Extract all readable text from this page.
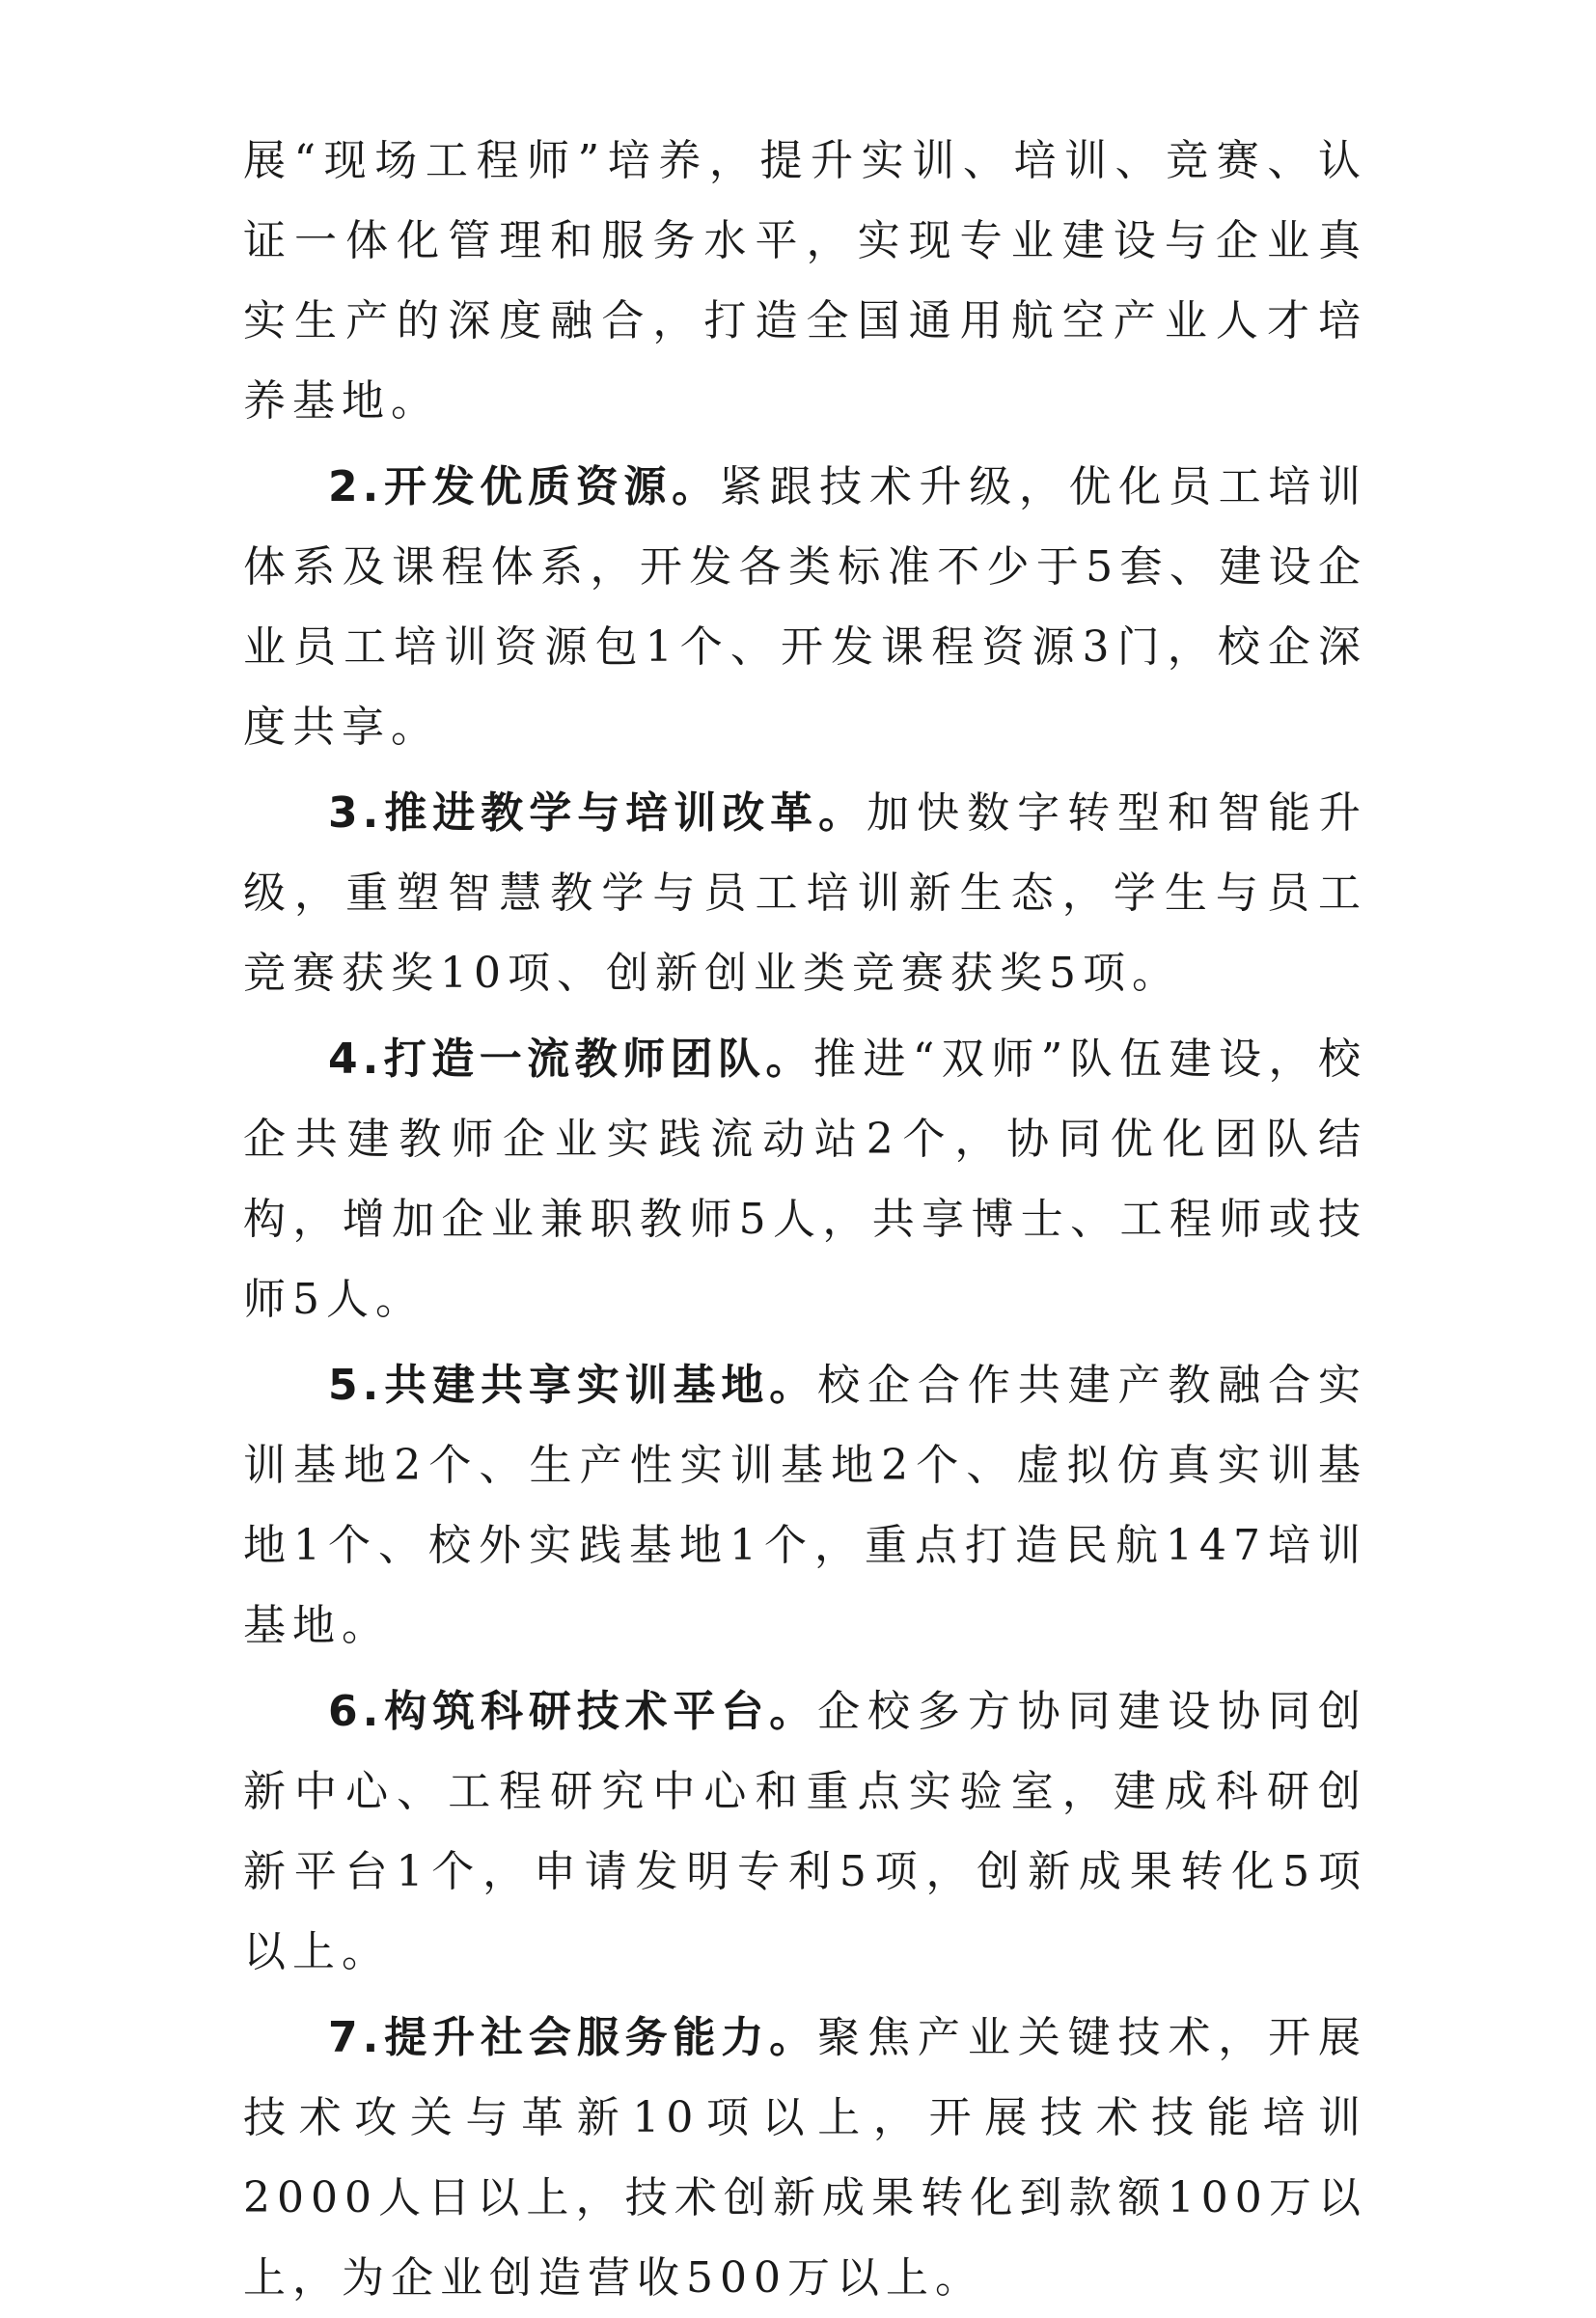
展“现场工程师”培养，提升实训、培训、竞赛、认证一体化管理和服务水平，实现专业建设与企业真实生产的深度融合，打造全国通用航空产业人才培养基地。

2.开发优质资源。紧跟技术升级，优化员工培训体系及课程体系，开发各类标准不少于5套、建设企业员工培训资源包1个、开发课程资源3门，校企深度共享。

3.推进教学与培训改革。加快数字转型和智能升级，重塑智慧教学与员工培训新生态，学生与员工竞赛获奖10项、创新创业类竞赛获奖5项。

4.打造一流教师团队。推进“双师”队伍建设，校企共建教师企业实践流动站2个，协同优化团队结构，增加企业兼职教师5人，共享博士、工程师或技师5人。

5.共建共享实训基地。校企合作共建产教融合实训基地2个、生产性实训基地2个、虚拟仿真实训基地1个、校外实践基地1个，重点打造民航147培训基地。

6.构筑科研技术平台。企校多方协同建设协同创新中心、工程研究中心和重点实验室，建成科研创新平台1个，申请发明专利5项，创新成果转化5项以上。

7.提升社会服务能力。聚焦产业关键技术，开展技术攻关与革新10项以上，开展技术技能培训2000人日以上，技术创新成果转化到款额100万以上，为企业创造营收500万以上。
